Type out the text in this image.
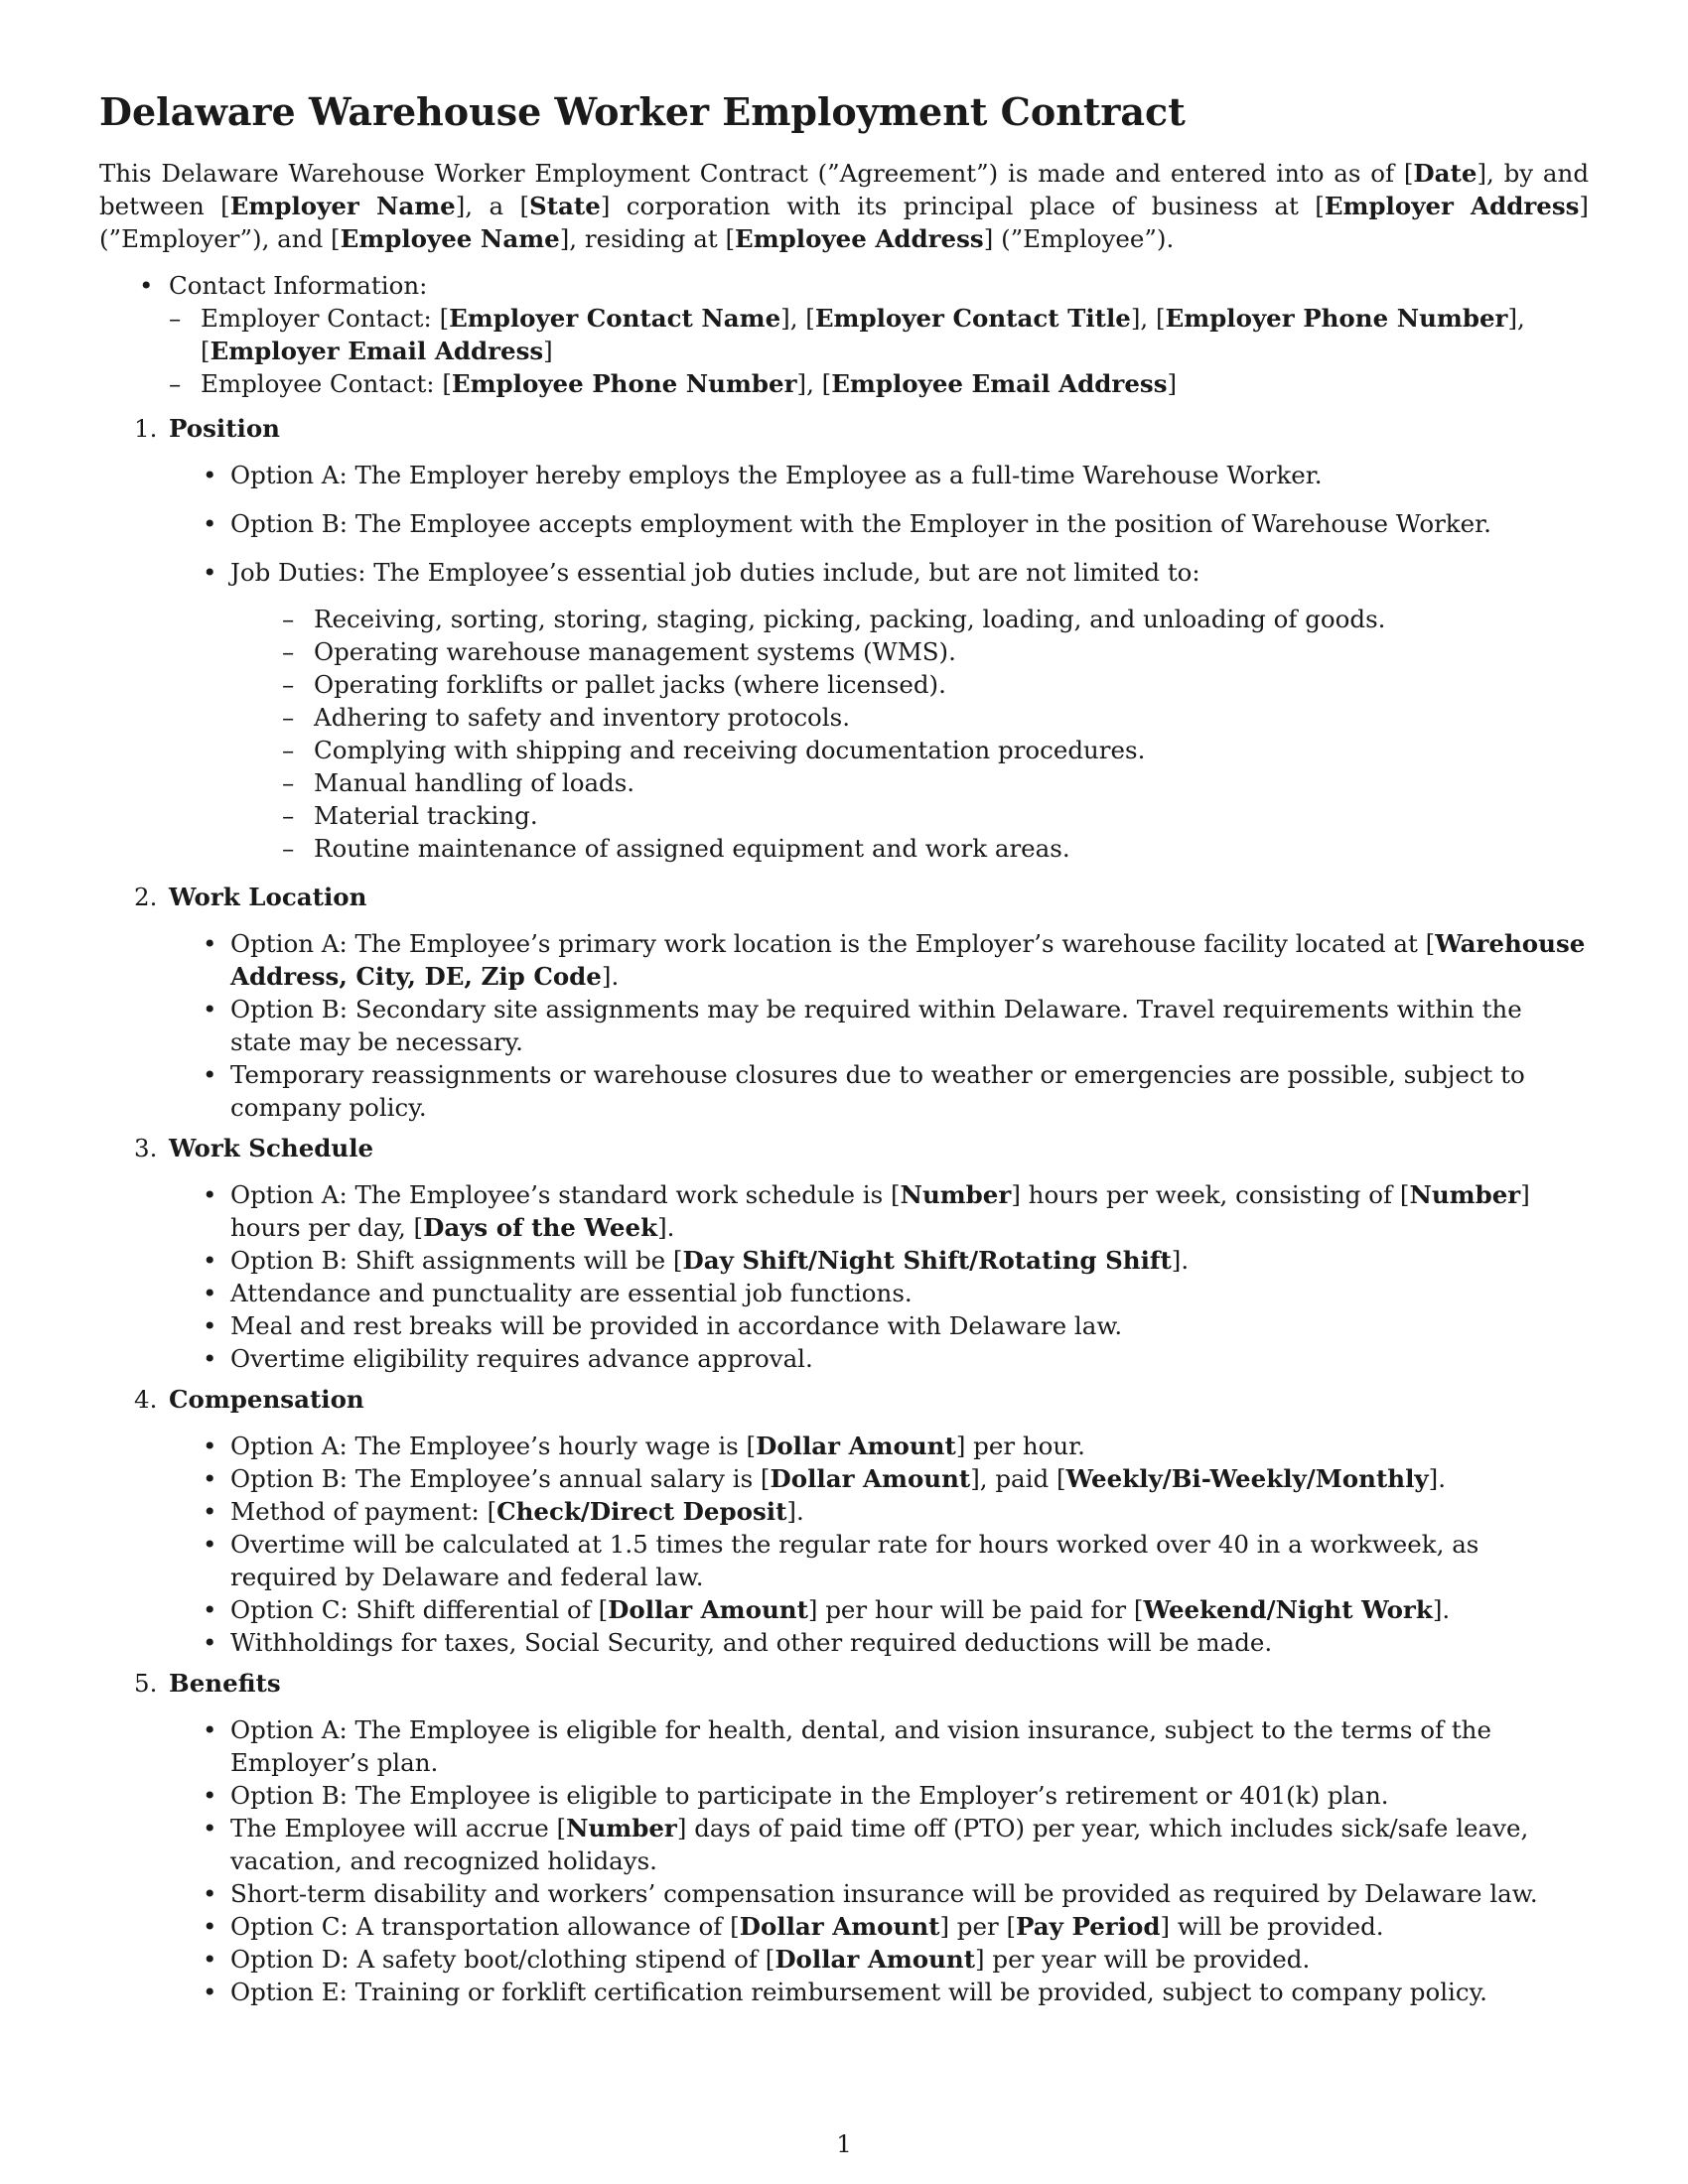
Delaware Warehouse Worker Employment Contract

This Delaware Warehouse Worker Employment Contract (”Agreement”) is made and entered into as of [Date], by and between [Employer Name], a [State] corporation with its principal place of business at [Employer Address] (”Employer”), and [Employee Name], residing at [Employee Address] (”Employee”).

• Contact Information:
– Employer Contact: [Employer Contact Name], [Employer Contact Title], [Employer Phone Number], [Employer Email Address]
– Employee Contact: [Employee Phone Number], [Employee Email Address]
1. Position
• Option A: The Employer hereby employs the Employee as a full-time Warehouse Worker.
• Option B: The Employee accepts employment with the Employer in the position of Warehouse Worker.
• Job Duties: The Employee’s essential job duties include, but are not limited to:
– Receiving, sorting, storing, staging, picking, packing, loading, and unloading of goods.
– Operating warehouse management systems (WMS).
– Operating forklifts or pallet jacks (where licensed).
– Adhering to safety and inventory protocols.
– Complying with shipping and receiving documentation procedures.
– Manual handling of loads.
– Material tracking.
– Routine maintenance of assigned equipment and work areas.
2. Work Location
• Option A: The Employee’s primary work location is the Employer’s warehouse facility located at [Warehouse Address, City, DE, Zip Code].
• Option B: Secondary site assignments may be required within Delaware. Travel requirements within the state may be necessary.
• Temporary reassignments or warehouse closures due to weather or emergencies are possible, subject to company policy.
3. Work Schedule
• Option A: The Employee’s standard work schedule is [Number] hours per week, consisting of [Number] hours per day, [Days of the Week].
• Option B: Shift assignments will be [Day Shift/Night Shift/Rotating Shift].
• Attendance and punctuality are essential job functions.
• Meal and rest breaks will be provided in accordance with Delaware law.
• Overtime eligibility requires advance approval.
4. Compensation
• Option A: The Employee’s hourly wage is [Dollar Amount] per hour.
• Option B: The Employee’s annual salary is [Dollar Amount], paid [Weekly/Bi-Weekly/Monthly].
• Method of payment: [Check/Direct Deposit].
• Overtime will be calculated at 1.5 times the regular rate for hours worked over 40 in a workweek, as required by Delaware and federal law.
• Option C: Shift differential of [Dollar Amount] per hour will be paid for [Weekend/Night Work].
• Withholdings for taxes, Social Security, and other required deductions will be made.
5. Benefits
• Option A: The Employee is eligible for health, dental, and vision insurance, subject to the terms of the Employer’s plan.
• Option B: The Employee is eligible to participate in the Employer’s retirement or 401(k) plan.
• The Employee will accrue [Number] days of paid time off (PTO) per year, which includes sick/safe leave, vacation, and recognized holidays.
• Short-term disability and workers’ compensation insurance will be provided as required by Delaware law.
• Option C: A transportation allowance of [Dollar Amount] per [Pay Period] will be provided.
• Option D: A safety boot/clothing stipend of [Dollar Amount] per year will be provided.
• Option E: Training or forklift certification reimbursement will be provided, subject to company policy.
1
